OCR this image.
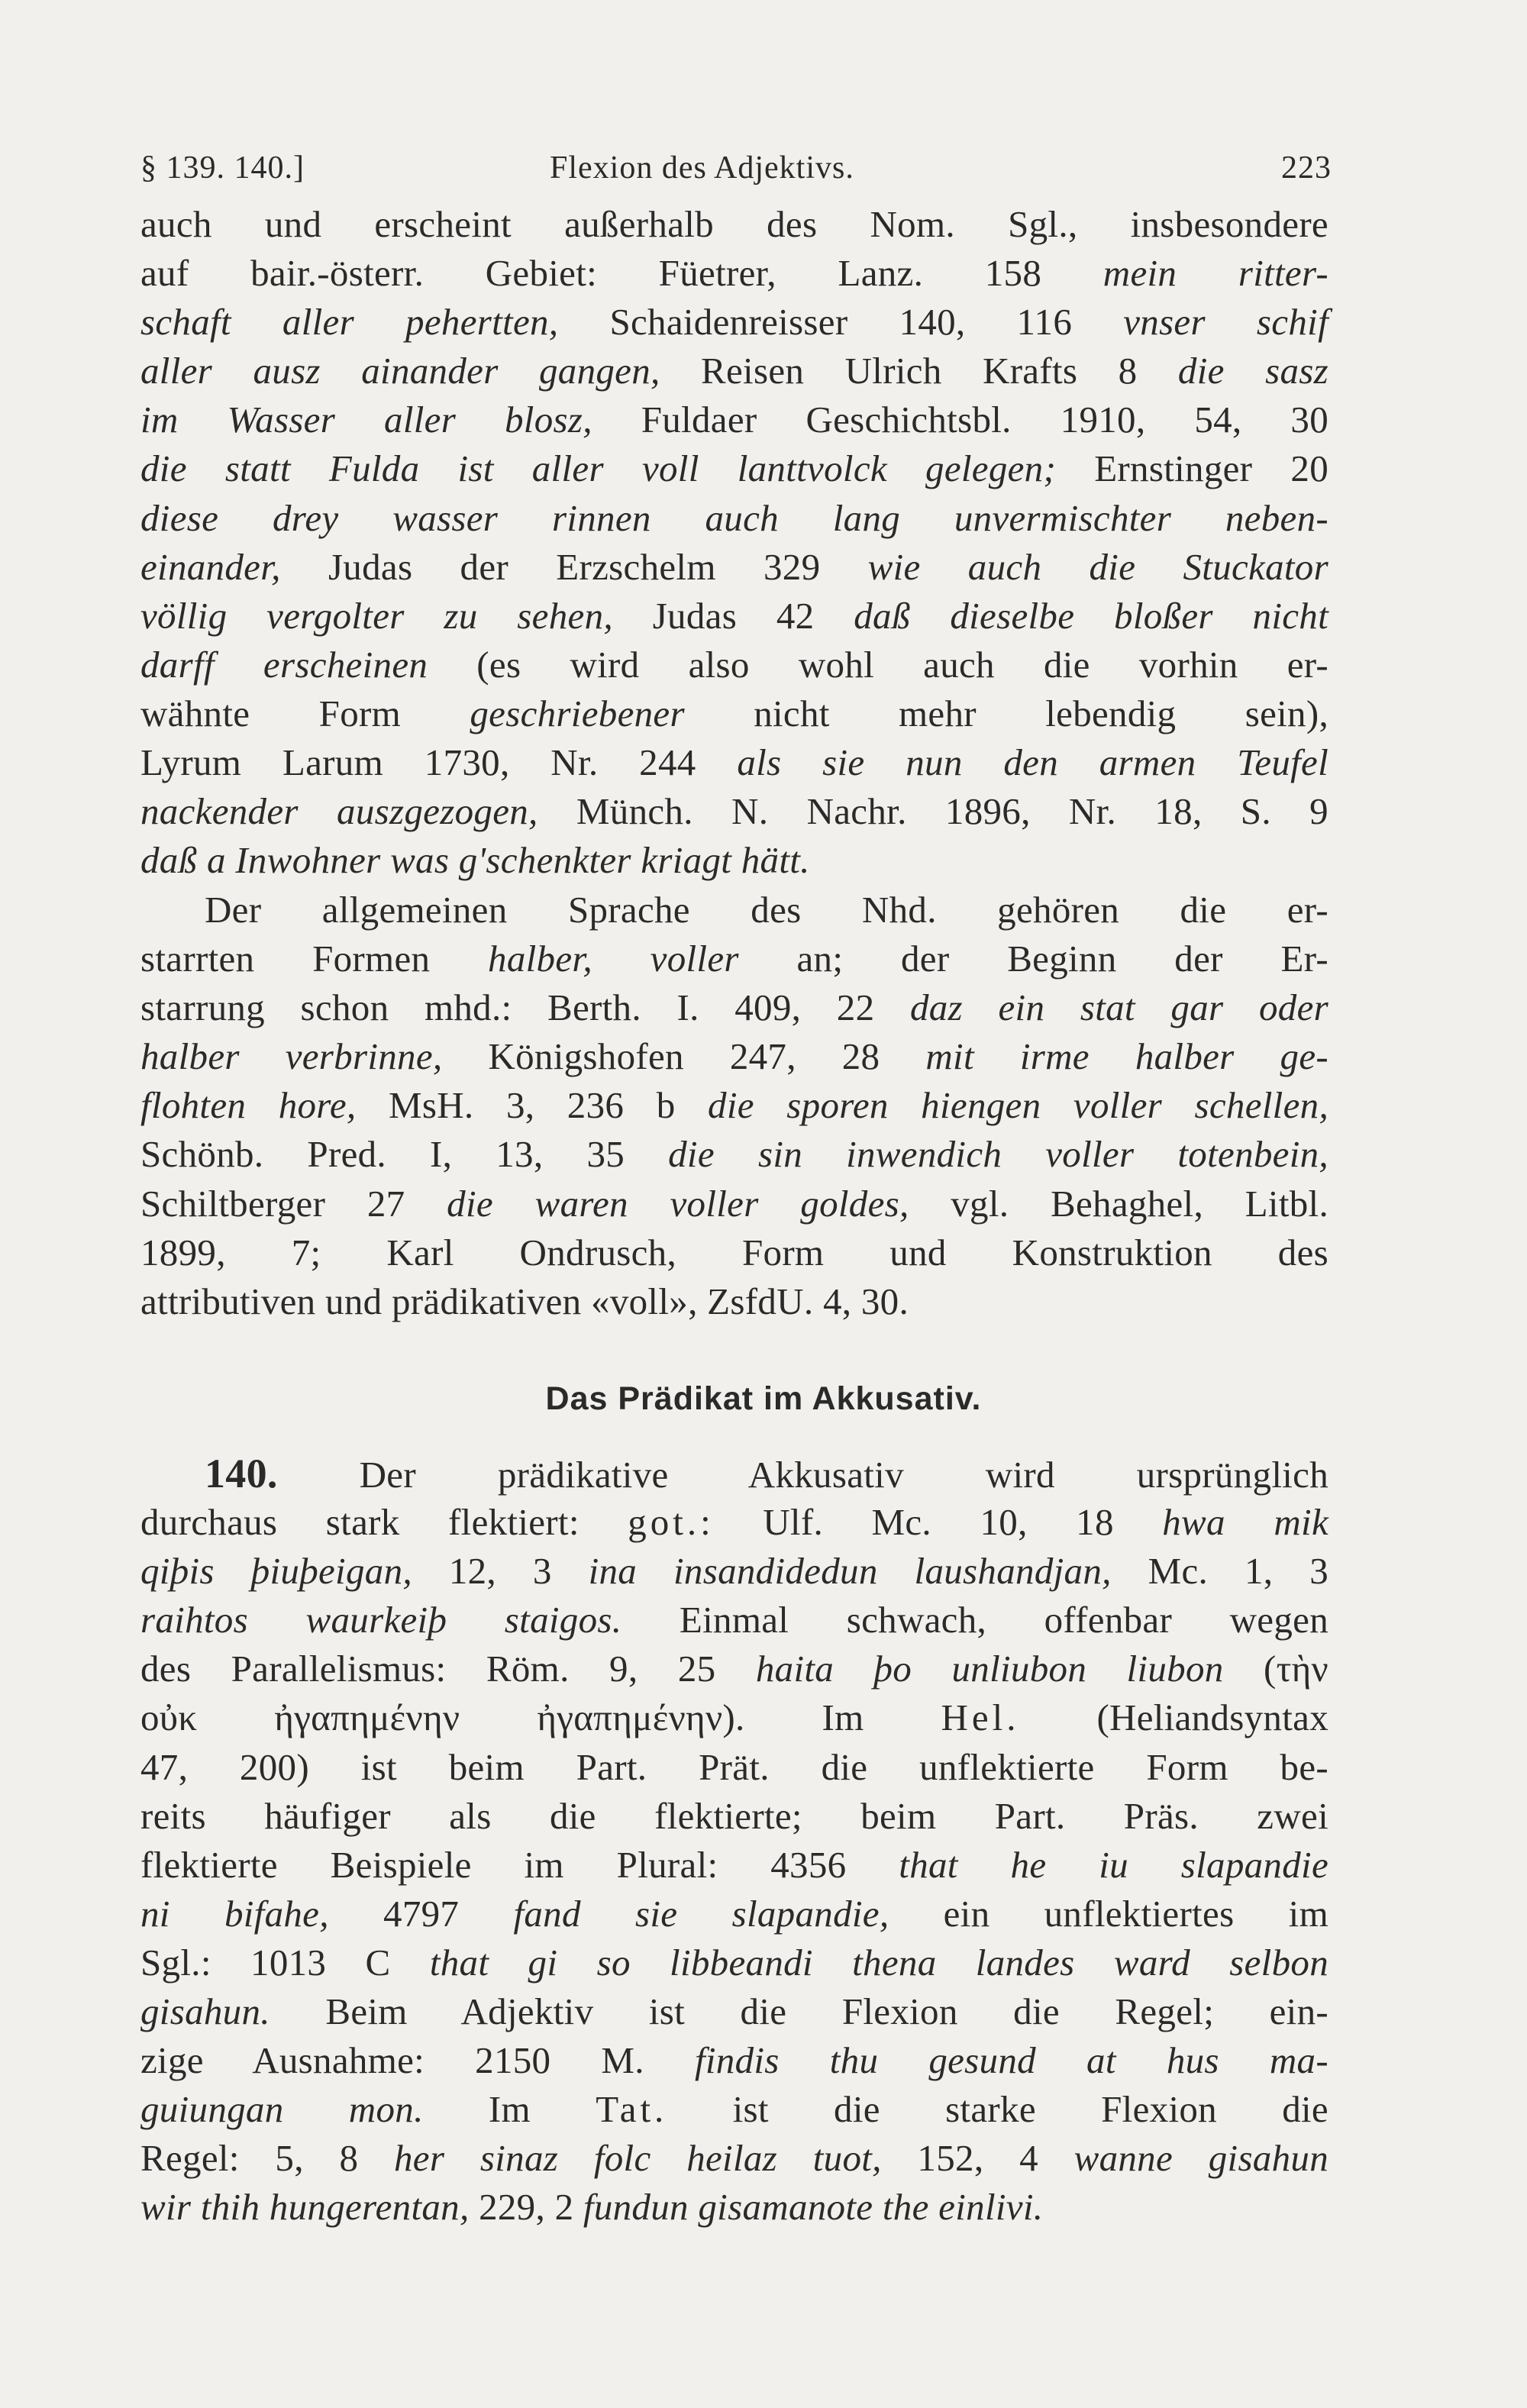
§ 139. 140.]	Flexion des Adjektivs.	223
auch und erscheint außerhalb des Nom. Sgl., insbesondere
auf bair.-österr. Gebiet: Füetrer, Lanz. 158 mein ritter-
schaft aller pehertten, Schaidenreisser 140, 116 vnser schif
aller ausz ainander gangen, Reisen Ulrich Krafts 8 die sasz
im Wasser aller blosz, Fuldaer Geschichtsbl. 1910, 54, 30
die statt Fulda ist aller voll lanttvolck gelegen; Ernstinger 20
diese drey wasser rinnen auch lang unvermischter neben-
einander, Judas der Erzschelm 329 wie auch die Stuckator
völlig vergolter zu sehen, Judas 42 daß dieselbe bloßer nicht
darff erscheinen (es wird also wohl auch die vorhin er-
wähnte Form geschriebener nicht mehr lebendig sein),
Lyrum Larum 1730, Nr. 244 als sie nun den armen Teufel
nackender auszgezogen, Münch. N. Nachr. 1896, Nr. 18, S. 9
daß a Inwohner was g'schenkter kriagt hätt.
Der allgemeinen Sprache des Nhd. gehören die er-
starrten Formen halber, voller an; der Beginn der Er-
starrung schon mhd.: Berth. I. 409, 22 daz ein stat gar oder
halber verbrinne, Königshofen 247, 28 mit irme halber ge-
flohten hore, MsH. 3, 236 b die sporen hiengen voller schellen,
Schönb. Pred. I, 13, 35 die sin inwendich voller totenbein,
Schiltberger 27 die waren voller goldes, vgl. Behaghel, Litbl.
1899, 7; Karl Ondrusch, Form und Konstruktion des
attributiven und prädikativen «voll», ZsfdU. 4, 30.
Das Prädikat im Akkusativ.
140. Der prädikative Akkusativ wird ursprünglich
durchaus stark flektiert: got.: Ulf. Mc. 10, 18 hwa mik
qiþis þiuþeigan, 12, 3 ina insandidedun laushandjan, Mc. 1, 3
raihtos waurkeiþ staigos. Einmal schwach, offenbar wegen
des Parallelismus: Röm. 9, 25 haita þo unliubon liubon (τὴν
οὐκ ἠγαπημένην ἠγαπημένην). Im Hel. (Heliandsyntax
47, 200) ist beim Part. Prät. die unflektierte Form be-
reits häufiger als die flektierte; beim Part. Präs. zwei
flektierte Beispiele im Plural: 4356 that he iu slapandie
ni bifahe, 4797 fand sie slapandie, ein unflektiertes im
Sgl.: 1013 C that gi so libbeandi thena landes ward selbon
gisahun. Beim Adjektiv ist die Flexion die Regel; ein-
zige Ausnahme: 2150 M. findis thu gesund at hus ma-
guiungan mon. Im Tat. ist die starke Flexion die
Regel: 5, 8 her sinaz folc heilaz tuot, 152, 4 wanne gisahun
wir thih hungerentan, 229, 2 fundun gisamanote the einlivi.
